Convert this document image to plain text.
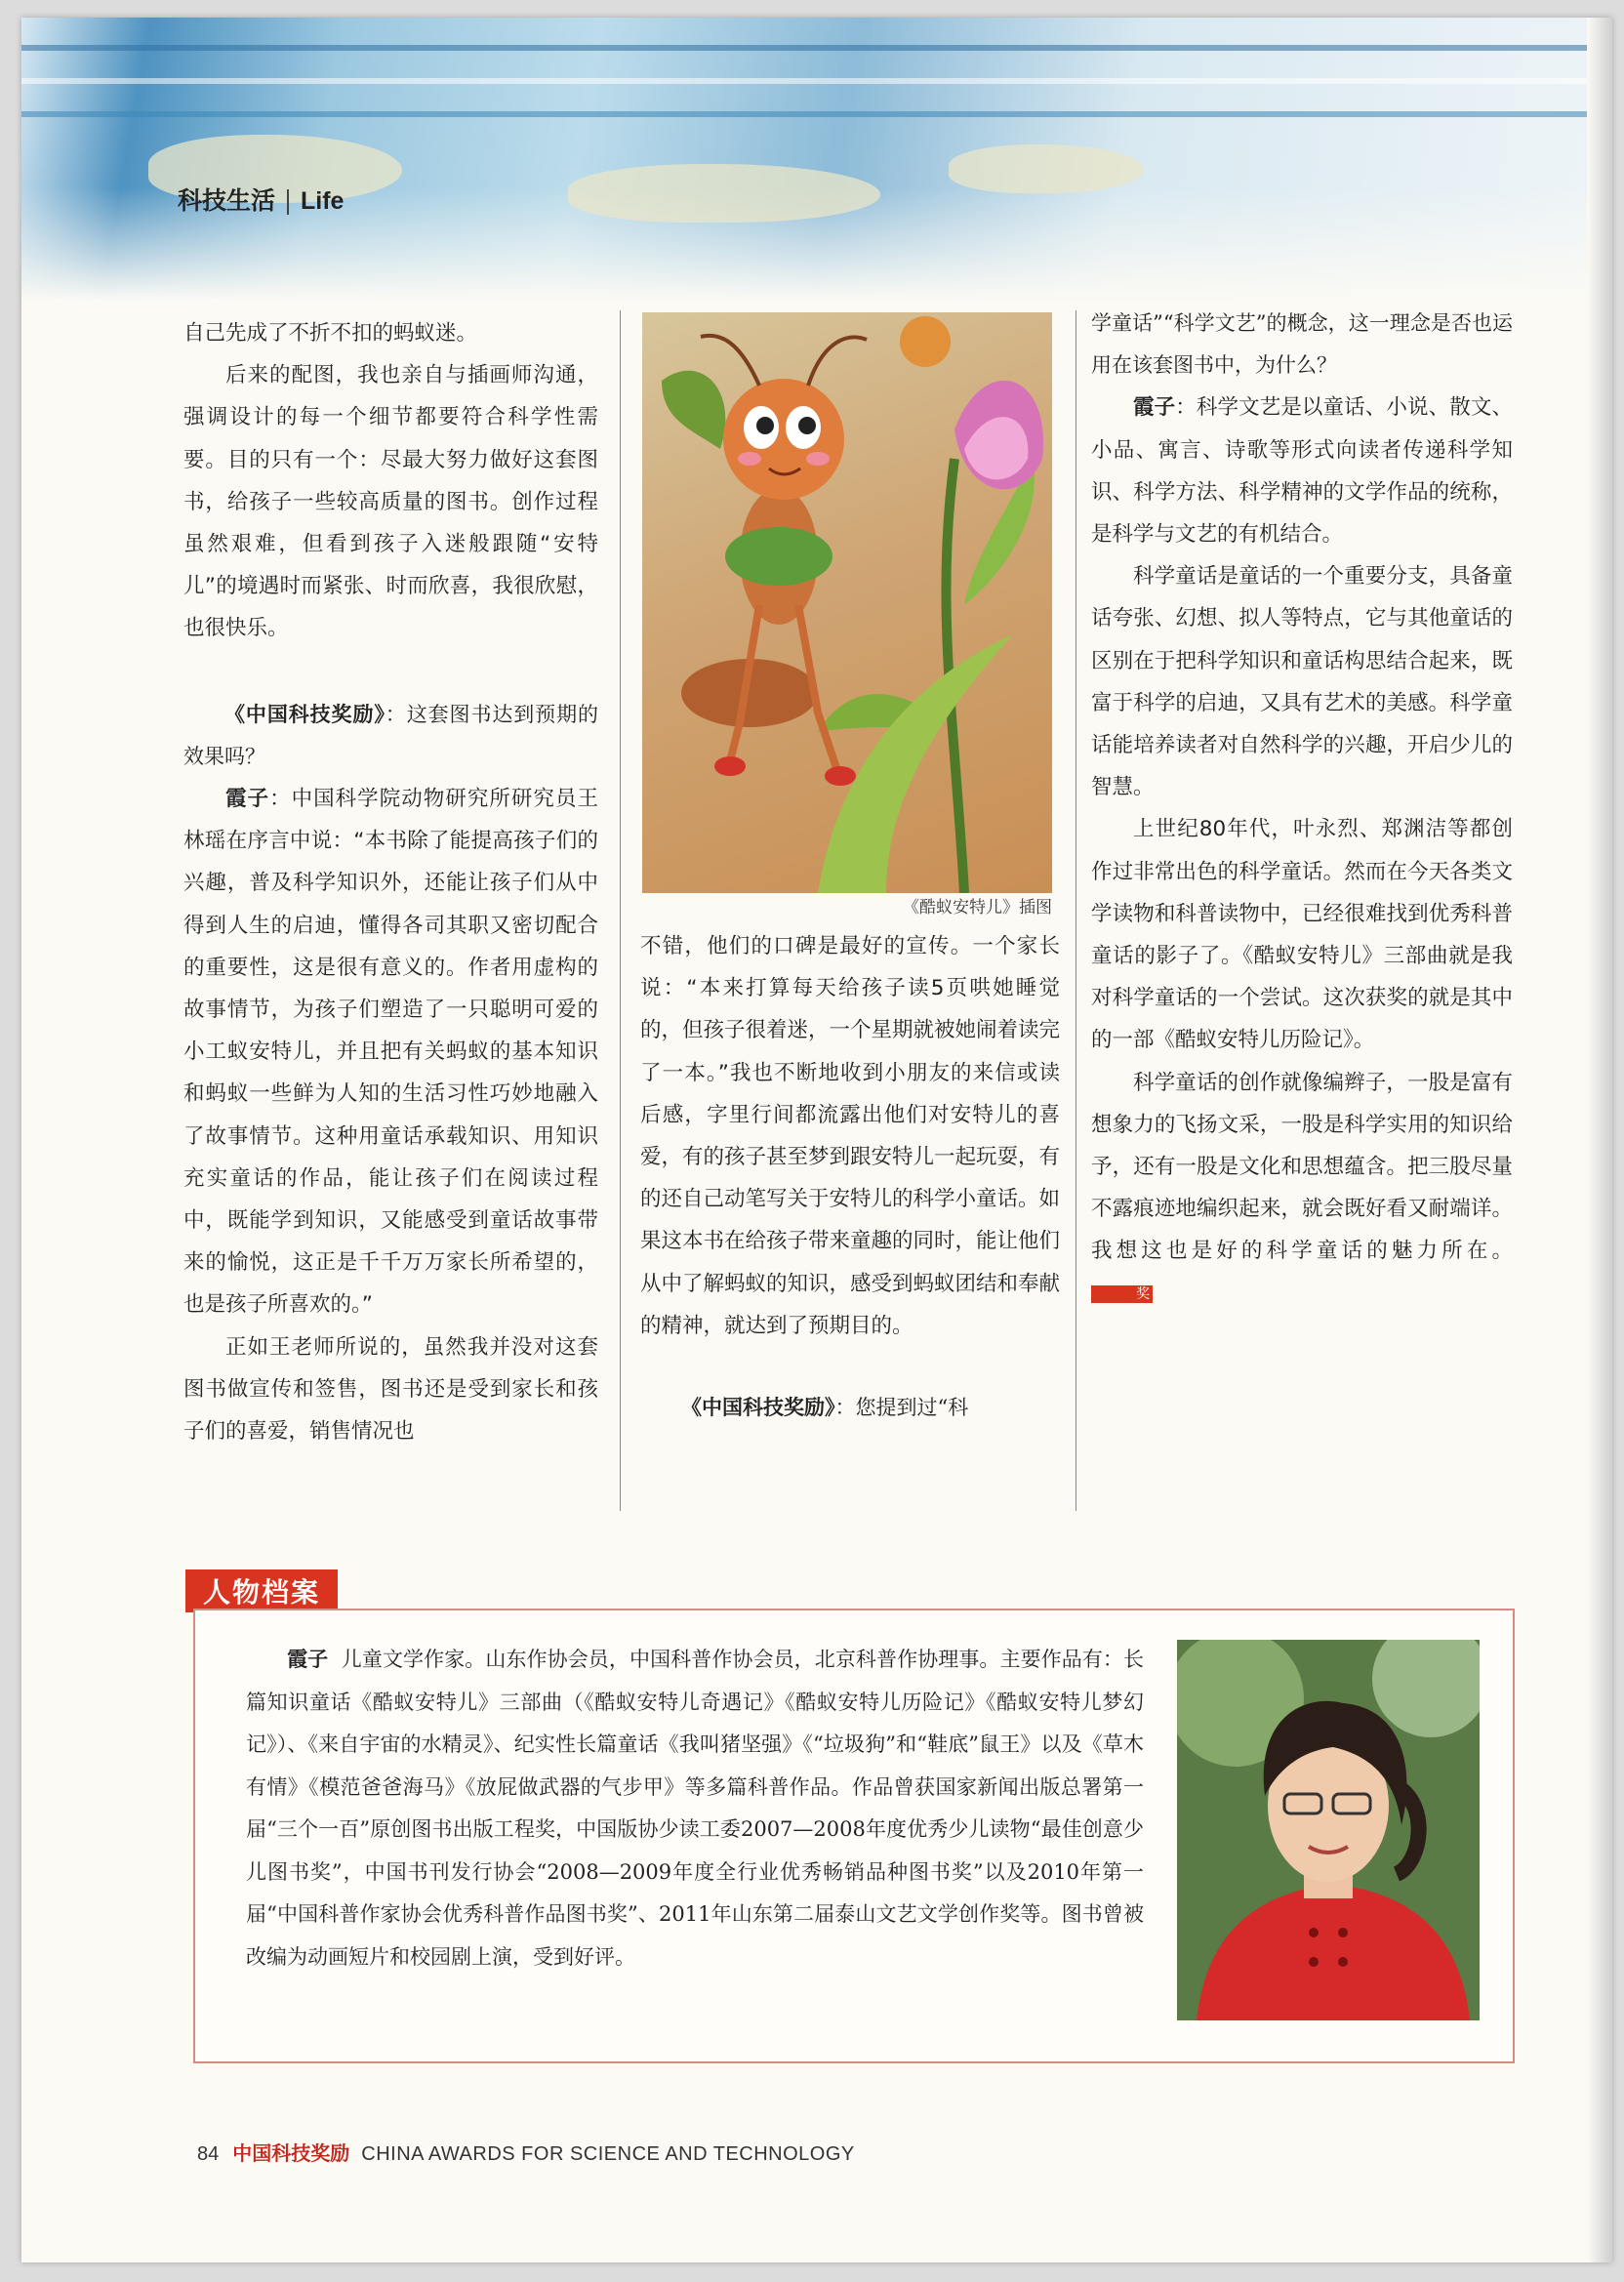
科技生活 Life

自己先成了不折不扣的蚂蚁迷。

后来的配图，我也亲自与插画师沟通，强调设计的每一个细节都要符合科学性需要。目的只有一个：尽最大努力做好这套图书，给孩子一些较高质量的图书。创作过程虽然艰难，但看到孩子入迷般跟随“安特儿”的境遇时而紧张、时而欣喜，我很欣慰，也很快乐。

《中国科技奖励》：这套图书达到预期的效果吗？

霞子：中国科学院动物研究所研究员王林瑶在序言中说：“本书除了能提高孩子们的兴趣，普及科学知识外，还能让孩子们从中得到人生的启迪，懂得各司其职又密切配合的重要性，这是很有意义的。作者用虚构的故事情节，为孩子们塑造了一只聪明可爱的小工蚁安特儿，并且把有关蚂蚁的基本知识和蚂蚁一些鲜为人知的生活习性巧妙地融入了故事情节。这种用童话承载知识、用知识充实童话的作品，能让孩子们在阅读过程中，既能学到知识，又能感受到童话故事带来的愉悦，这正是千千万万家长所希望的，也是孩子所喜欢的。”

正如王老师所说的，虽然我并没对这套图书做宣传和签售，图书还是受到家长和孩子们的喜爱，销售情况也

《酷蚁安特儿》插图

不错，他们的口碑是最好的宣传。一个家长说：“本来打算每天给孩子读5页哄她睡觉的，但孩子很着迷，一个星期就被她闹着读完了一本。”我也不断地收到小朋友的来信或读后感，字里行间都流露出他们对安特儿的喜爱，有的孩子甚至梦到跟安特儿一起玩耍，有的还自己动笔写关于安特儿的科学小童话。如果这本书在给孩子带来童趣的同时，能让他们从中了解蚂蚁的知识，感受到蚂蚁团结和奉献的精神，就达到了预期目的。

《中国科技奖励》：您提到过“科

学童话”“科学文艺”的概念，这一理念是否也运用在该套图书中，为什么？

霞子：科学文艺是以童话、小说、散文、小品、寓言、诗歌等形式向读者传递科学知识、科学方法、科学精神的文学作品的统称，是科学与文艺的有机结合。

科学童话是童话的一个重要分支，具备童话夸张、幻想、拟人等特点，它与其他童话的区别在于把科学知识和童话构思结合起来，既富于科学的启迪，又具有艺术的美感。科学童话能培养读者对自然科学的兴趣，开启少儿的智慧。

上世纪80年代，叶永烈、郑渊洁等都创作过非常出色的科学童话。然而在今天各类文学读物和科普读物中，已经很难找到优秀科普童话的影子了。《酷蚁安特儿》三部曲就是我对科学童话的一个尝试。这次获奖的就是其中的一部《酷蚁安特儿历险记》。

科学童话的创作就像编辫子，一股是富有想象力的飞扬文采，一股是科学实用的知识给予，还有一股是文化和思想蕴含。把三股尽量不露痕迹地编织起来，就会既好看又耐端详。我想这也是好的科学童话的魅力所在。 奖

人物档案
霞子 儿童文学作家。山东作协会员，中国科普作协会员，北京科普作协理事。主要作品有：长篇知识童话《酷蚁安特儿》三部曲（《酷蚁安特儿奇遇记》《酷蚁安特儿历险记》《酷蚁安特儿梦幻记》）、《来自宇宙的水精灵》、纪实性长篇童话《我叫猪坚强》《“垃圾狗”和“鞋底”鼠王》以及《草木有情》《模范爸爸海马》《放屁做武器的气步甲》等多篇科普作品。作品曾获国家新闻出版总署第一届“三个一百”原创图书出版工程奖，中国版协少读工委2007—2008年度优秀少儿读物“最佳创意少儿图书奖”，中国书刊发行协会“2008—2009年度全行业优秀畅销品种图书奖”以及2010年第一届“中国科普作家协会优秀科普作品图书奖”、2011年山东第二届泰山文艺文学创作奖等。图书曾被改编为动画短片和校园剧上演，受到好评。
84 中国科技奖励 CHINA AWARDS FOR SCIENCE AND TECHNOLOGY
